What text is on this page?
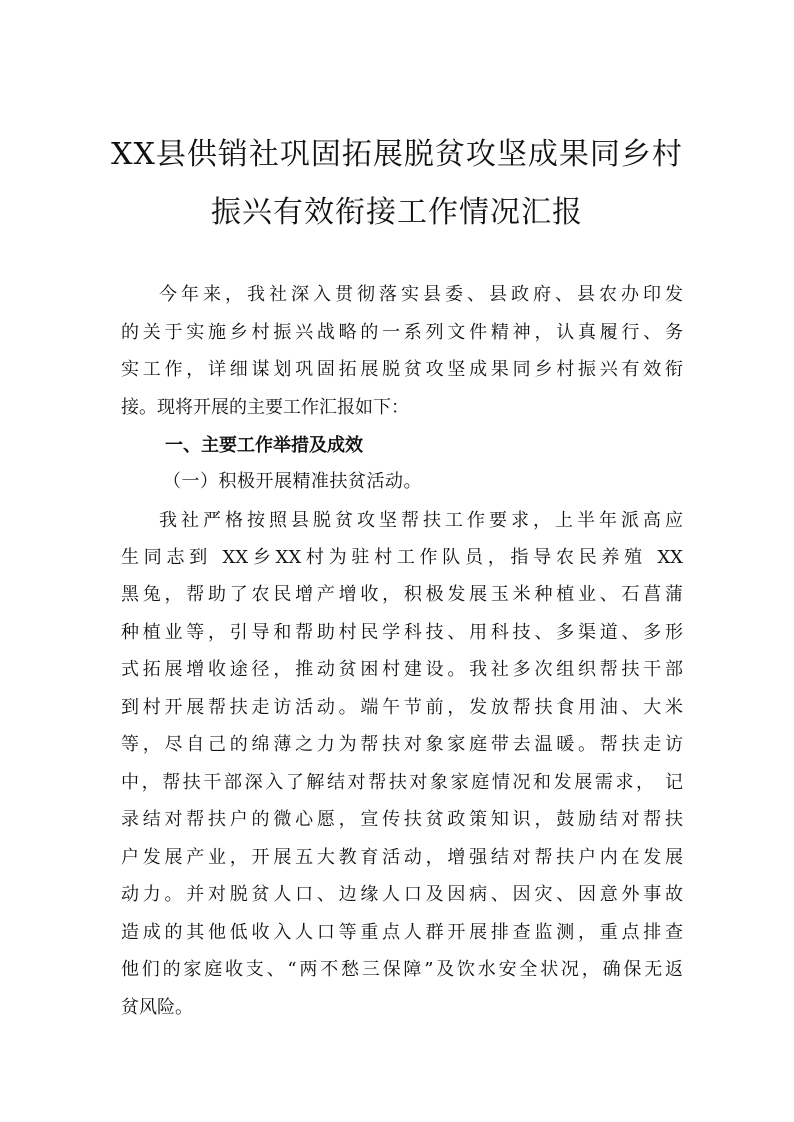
XX县供销社巩固拓展脱贫攻坚成果同乡村
振兴有效衔接工作情况汇报
今年来，我社深入贯彻落实县委、县政府、县农办印发
的关于实施乡村振兴战略的一系列文件精神，认真履行、务
实工作，详细谋划巩固拓展脱贫攻坚成果同乡村振兴有效衔
接。现将开展的主要工作汇报如下：
一、主要工作举措及成效
（一）积极开展精准扶贫活动。
我社严格按照县脱贫攻坚帮扶工作要求，上半年派高应
生同志到 XX乡XX村为驻村工作队员，指导农民养殖 XX
黑兔，帮助了农民增产增收，积极发展玉米种植业、石菖蒲
种植业等，引导和帮助村民学科技、用科技、多渠道、多形
式拓展增收途径，推动贫困村建设。我社多次组织帮扶干部
到村开展帮扶走访活动。端午节前，发放帮扶食用油、大米
等，尽自己的绵薄之力为帮扶对象家庭带去温暖。帮扶走访
中，帮扶干部深入了解结对帮扶对象家庭情况和发展需求， 记
录结对帮扶户的微心愿，宣传扶贫政策知识，鼓励结对帮扶
户发展产业，开展五大教育活动，增强结对帮扶户内在发展
动力。并对脱贫人口、边缘人口及因病、因灾、因意外事故
造成的其他低收入人口等重点人群开展排查监测，重点排查
他们的家庭收支、“两不愁三保障”及饮水安全状况，确保无返
贫风险。
